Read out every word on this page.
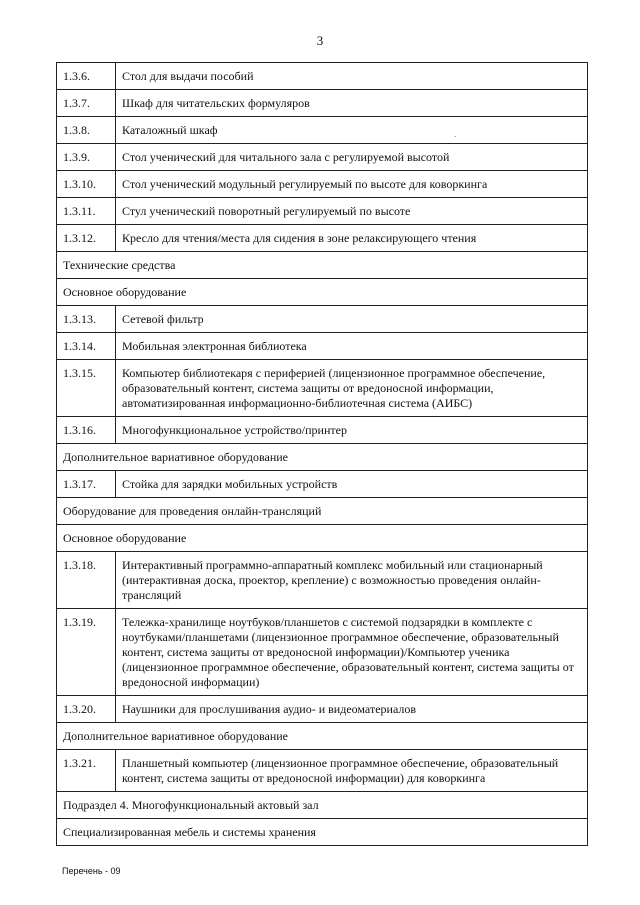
3
·
1.3.6.	Стол для выдачи пособий
1.3.7.	Шкаф для читательских формуляров
1.3.8.	Каталожный шкаф
1.3.9.	Стол ученический для читального зала с регулируемой высотой
1.3.10.	Стол ученический модульный регулируемый по высоте для коворкинга
1.3.11.	Стул ученический поворотный регулируемый по высоте
1.3.12.	Кресло для чтения/места для сидения в зоне релаксирующего чтения
Технические средства	
Основное оборудование	
1.3.13.	Сетевой фильтр
1.3.14.	Мобильная электронная библиотека
1.3.15.	Компьютер библиотекаря с периферией (лицензионное программное обеспечение, образовательный контент, система защиты от вредоносной информации, автоматизированная информационно-библиотечная система (АИБС)
1.3.16.	Многофункциональное устройство/принтер
Дополнительное вариативное оборудование	
1.3.17.	Стойка для зарядки мобильных устройств
Оборудование для проведения онлайн-трансляций	
Основное оборудование	
1.3.18.	Интерактивный программно-аппаратный комплекс мобильный или стационарный (интерактивная доска, проектор, крепление) с возможностью проведения онлайн-трансляций
1.3.19.	Тележка-хранилище ноутбуков/планшетов с системой подзарядки в комплекте с ноутбуками/планшетами (лицензионное программное обеспечение, образовательный контент, система защиты от вредоносной информации)/Компьютер ученика (лицензионное программное обеспечение, образовательный контент, система защиты от вредоносной информации)
1.3.20.	Наушники для прослушивания аудио- и видеоматериалов
Дополнительное вариативное оборудование	
1.3.21.	Планшетный компьютер (лицензионное программное обеспечение, образовательный контент, система защиты от вредоносной информации) для коворкинга
Подраздел 4. Многофункциональный актовый зал	
Специализированная мебель и системы хранения	
Перечень - 09
